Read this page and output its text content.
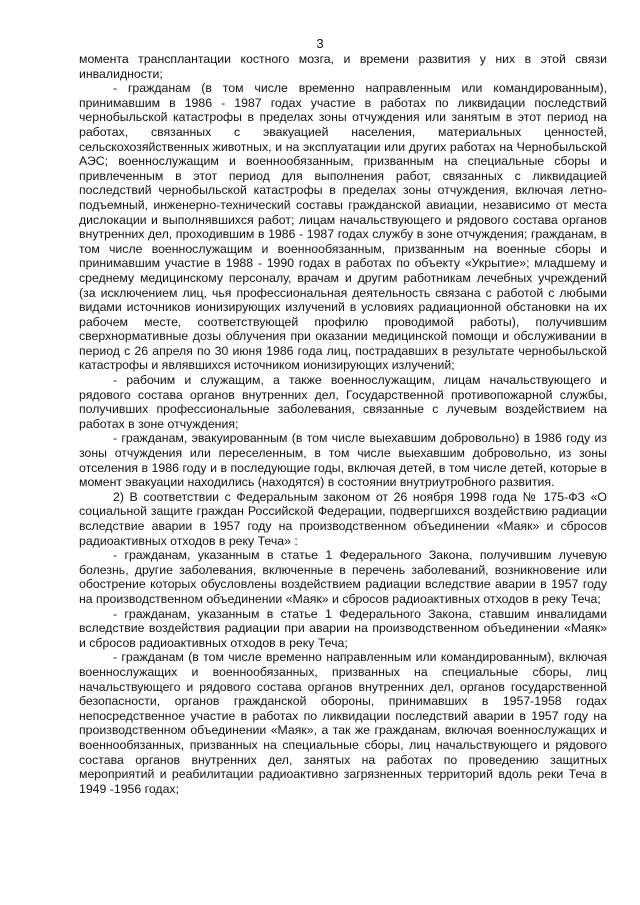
3

момента трансплантации костного мозга, и времени развития у них в этой связи инвалидности;

- гражданам (в том числе временно направленным или командированным), принимавшим в 1986 - 1987 годах участие в работах по ликвидации последствий чернобыльской катастрофы в пределах зоны отчуждения или занятым в этот период на работах, связанных с эвакуацией населения, материальных ценностей, сельскохозяйственных животных, и на эксплуатации или других работах на Чернобыльской АЭС; военнослужащим и военнообязанным, призванным на специальные сборы и привлеченным в этот период для выполнения работ, связанных с ликвидацией последствий чернобыльской катастрофы в пределах зоны отчуждения, включая летно-подъемный, инженерно-технический составы гражданской авиации, независимо от места дислокации и выполнявшихся работ; лицам начальствующего и рядового состава органов внутренних дел, проходившим в 1986 - 1987 годах службу в зоне отчуждения; гражданам, в том числе военнослужащим и военнообязанным, призванным на военные сборы и принимавшим участие в 1988 - 1990 годах в работах по объекту «Укрытие»; младшему и среднему медицинскому персоналу, врачам и другим работникам лечебных учреждений (за исключением лиц, чья профессиональная деятельность связана с работой с любыми видами источников ионизирующих излучений в условиях радиационной обстановки на их рабочем месте, соответствующей профилю проводимой работы), получившим сверхнормативные дозы облучения при оказании медицинской помощи и обслуживании в период с 26 апреля по 30 июня 1986 года лиц, пострадавших в результате чернобыльской катастрофы и являвшихся источником ионизирующих излучений;

- рабочим и служащим, а также военнослужащим, лицам начальствующего и рядового состава органов внутренних дел, Государственной противопожарной службы, получивших профессиональные заболевания, связанные с лучевым воздействием на работах в зоне отчуждения;

- гражданам, эвакуированным (в том числе выехавшим добровольно) в 1986 году из зоны отчуждения или переселенным, в том числе выехавшим добровольно, из зоны отселения в 1986 году и в последующие годы, включая детей, в том числе детей, которые в момент эвакуации находились (находятся) в состоянии внутриутробного развития.

2) В соответствии с Федеральным законом от 26 ноября 1998 года № 175-ФЗ «О социальной защите граждан Российской Федерации, подвергшихся воздействию радиации вследствие аварии в 1957 году на производственном объединении «Маяк» и сбросов радиоактивных отходов в реку Теча» :

- гражданам, указанным в статье 1 Федерального Закона, получившим лучевую болезнь, другие заболевания, включенные в перечень заболеваний, возникновение или обострение которых обусловлены воздействием радиации вследствие аварии в 1957 году на производственном объединении «Маяк» и сбросов радиоактивных отходов в реку Теча;

- гражданам, указанным в статье 1 Федерального Закона, ставшим инвалидами вследствие воздействия радиации при аварии на производственном объединении «Маяк» и сбросов радиоактивных отходов в реку Теча;

- гражданам (в том числе временно направленным или командированным), включая военнослужащих и военнообязанных, призванных на специальные сборы, лиц начальствующего и рядового состава органов внутренних дел, органов государственной безопасности, органов гражданской обороны, принимавших в 1957-1958 годах непосредственное участие в работах по ликвидации последствий аварии в 1957 году на производственном объединении «Маяк», а так же гражданам, включая военнослужащих и военнообязанных, призванных на специальные сборы, лиц начальствующего и рядового состава органов внутренних дел, занятых на работах по проведению защитных мероприятий и реабилитации радиоактивно загрязненных территорий вдоль реки Теча в 1949 -1956 годах;
